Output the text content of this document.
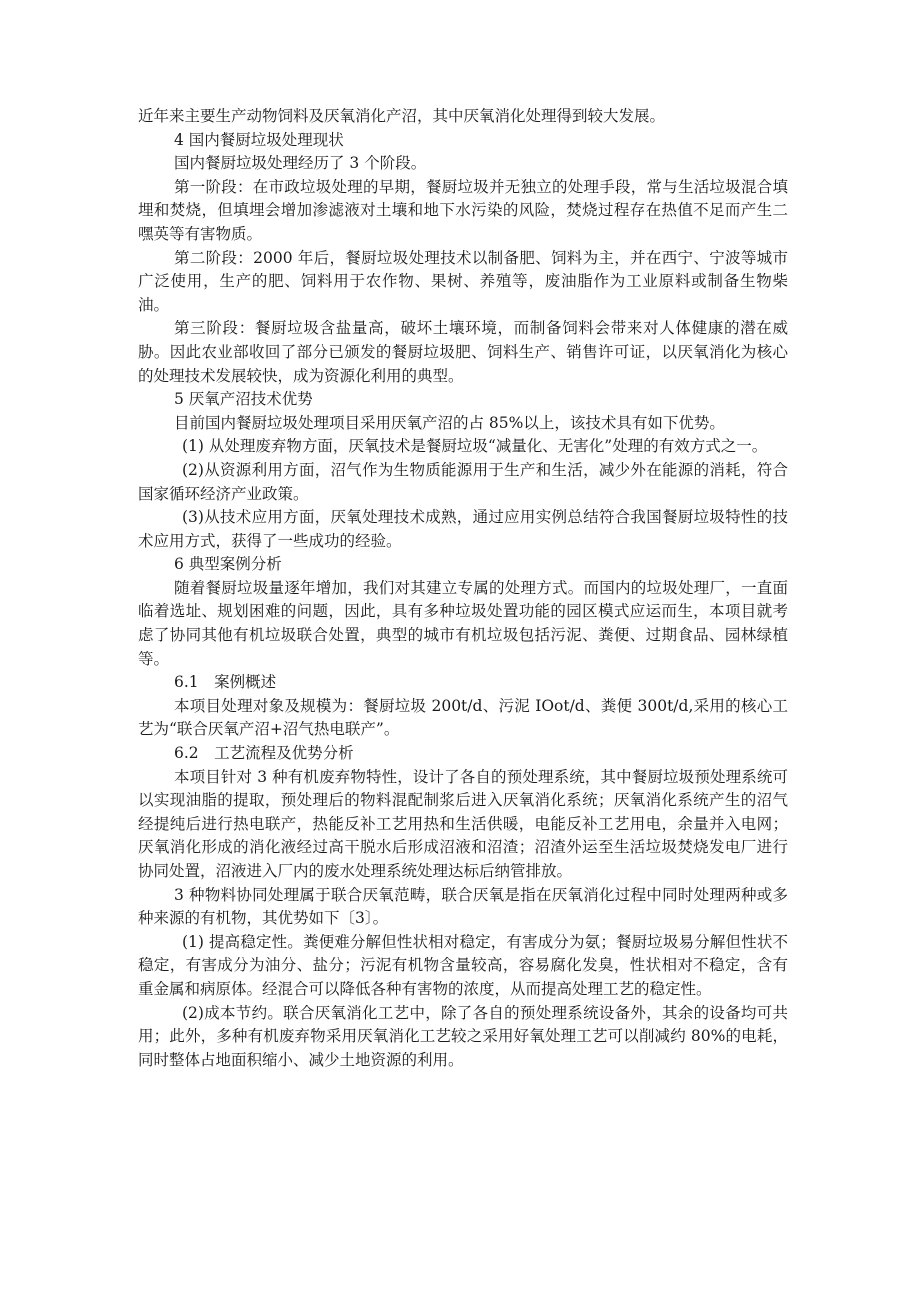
近年来主要生产动物饲料及厌氧消化产沼，其中厌氧消化处理得到较大发展。

4 国内餐厨垃圾处理现状

国内餐厨垃圾处理经历了 3 个阶段。

第一阶段：在市政垃圾处理的早期，餐厨垃圾并无独立的处理手段，常与生活垃圾混合填埋和焚烧，但填埋会增加渗滤液对土壤和地下水污染的风险，焚烧过程存在热值不足而产生二嘿英等有害物质。

第二阶段：2000 年后，餐厨垃圾处理技术以制备肥、饲料为主，并在西宁、宁波等城市广泛使用，生产的肥、饲料用于农作物、果树、养殖等，废油脂作为工业原料或制备生物柴油。

第三阶段：餐厨垃圾含盐量高，破坏土壤环境，而制备饲料会带来对人体健康的潜在威胁。因此农业部收回了部分已颁发的餐厨垃圾肥、饲料生产、销售许可证，以厌氧消化为核心的处理技术发展较快，成为资源化利用的典型。

5 厌氧产沼技术优势

目前国内餐厨垃圾处理项目采用厌氧产沼的占 85%以上，该技术具有如下优势。

(1) 从处理废弃物方面，厌氧技术是餐厨垃圾“减量化、无害化”处理的有效方式之一。

(2)从资源利用方面，沼气作为生物质能源用于生产和生活，减少外在能源的消耗，符合国家循环经济产业政策。

(3)从技术应用方面，厌氧处理技术成熟，通过应用实例总结符合我国餐厨垃圾特性的技术应用方式，获得了一些成功的经验。

6 典型案例分析

随着餐厨垃圾量逐年增加，我们对其建立专属的处理方式。而国内的垃圾处理厂，一直面临着选址、规划困难的问题，因此，具有多种垃圾处置功能的园区模式应运而生，本项目就考虑了协同其他有机垃圾联合处置，典型的城市有机垃圾包括污泥、粪便、过期食品、园林绿植等。

6.1　案例概述

本项目处理对象及规模为：餐厨垃圾 200t/d、污泥 IOot/d、粪便 300t/d,采用的核心工艺为“联合厌氧产沼+沼气热电联产”。

6.2　工艺流程及优势分析

本项目针对 3 种有机废弃物特性，设计了各自的预处理系统，其中餐厨垃圾预处理系统可以实现油脂的提取，预处理后的物料混配制浆后进入厌氧消化系统；厌氧消化系统产生的沼气经提纯后进行热电联产，热能反补工艺用热和生活供暖，电能反补工艺用电，余量并入电网；厌氧消化形成的消化液经过高干脱水后形成沼液和沼渣；沼渣外运至生活垃圾焚烧发电厂进行协同处置，沼液进入厂内的废水处理系统处理达标后纳管排放。

3 种物料协同处理属于联合厌氧范畴，联合厌氧是指在厌氧消化过程中同时处理两种或多种来源的有机物，其优势如下〔3〕。

(1) 提高稳定性。粪便难分解但性状相对稳定，有害成分为氨；餐厨垃圾易分解但性状不稳定，有害成分为油分、盐分；污泥有机物含量较高，容易腐化发臭，性状相对不稳定，含有重金属和病原体。经混合可以降低各种有害物的浓度，从而提高处理工艺的稳定性。

(2)成本节约。联合厌氧消化工艺中，除了各自的预处理系统设备外，其余的设备均可共用；此外，多种有机废弃物采用厌氧消化工艺较之采用好氧处理工艺可以削减约 80%的电耗，同时整体占地面积缩小、减少土地资源的利用。
